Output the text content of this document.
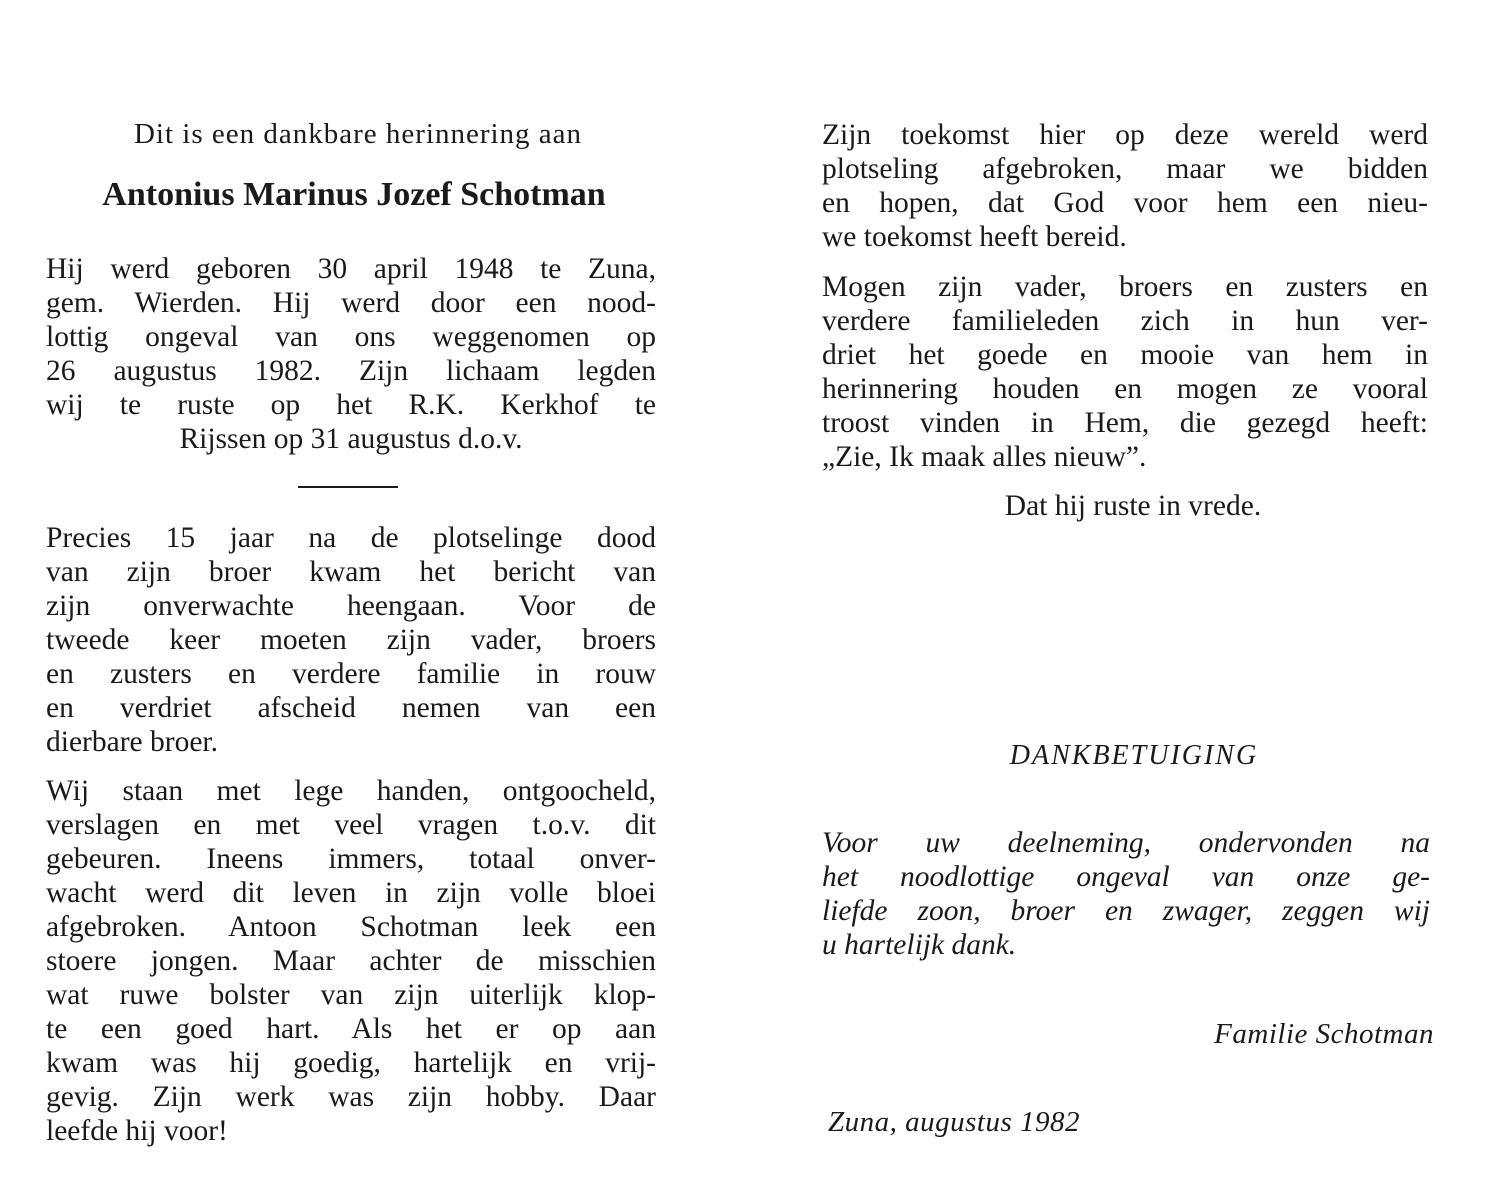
Dit is een dankbare herinnering aan
Antonius Marinus Jozef Schotman
Hij werd geboren 30 april 1948 te Zuna,
gem. Wierden. Hij werd door een nood-
lottig ongeval van ons weggenomen op
26 augustus 1982. Zijn lichaam legden
wij te ruste op het R.K. Kerkhof te
Rijssen op 31 augustus d.o.v.
Precies 15 jaar na de plotselinge dood
van zijn broer kwam het bericht van
zijn onverwachte heengaan. Voor de
tweede keer moeten zijn vader, broers
en zusters en verdere familie in rouw
en verdriet afscheid nemen van een
dierbare broer.
Wij staan met lege handen, ontgoocheld,
verslagen en met veel vragen t.o.v. dit
gebeuren. Ineens immers, totaal onver-
wacht werd dit leven in zijn volle bloei
afgebroken. Antoon Schotman leek een
stoere jongen. Maar achter de misschien
wat ruwe bolster van zijn uiterlijk klop-
te een goed hart. Als het er op aan
kwam was hij goedig, hartelijk en vrij-
gevig. Zijn werk was zijn hobby. Daar
leefde hij voor!
Zijn toekomst hier op deze wereld werd
plotseling afgebroken, maar we bidden
en hopen, dat God voor hem een nieu-
we toekomst heeft bereid.
Mogen zijn vader, broers en zusters en
verdere familieleden zich in hun ver-
driet het goede en mooie van hem in
herinnering houden en mogen ze vooral
troost vinden in Hem, die gezegd heeft:
„Zie, Ik maak alles nieuw”.
Dat hij ruste in vrede.
DANKBETUIGING
Voor uw deelneming, ondervonden na
het noodlottige ongeval van onze ge-
liefde zoon, broer en zwager, zeggen wij
u hartelijk dank.
Familie Schotman
Zuna, augustus 1982
